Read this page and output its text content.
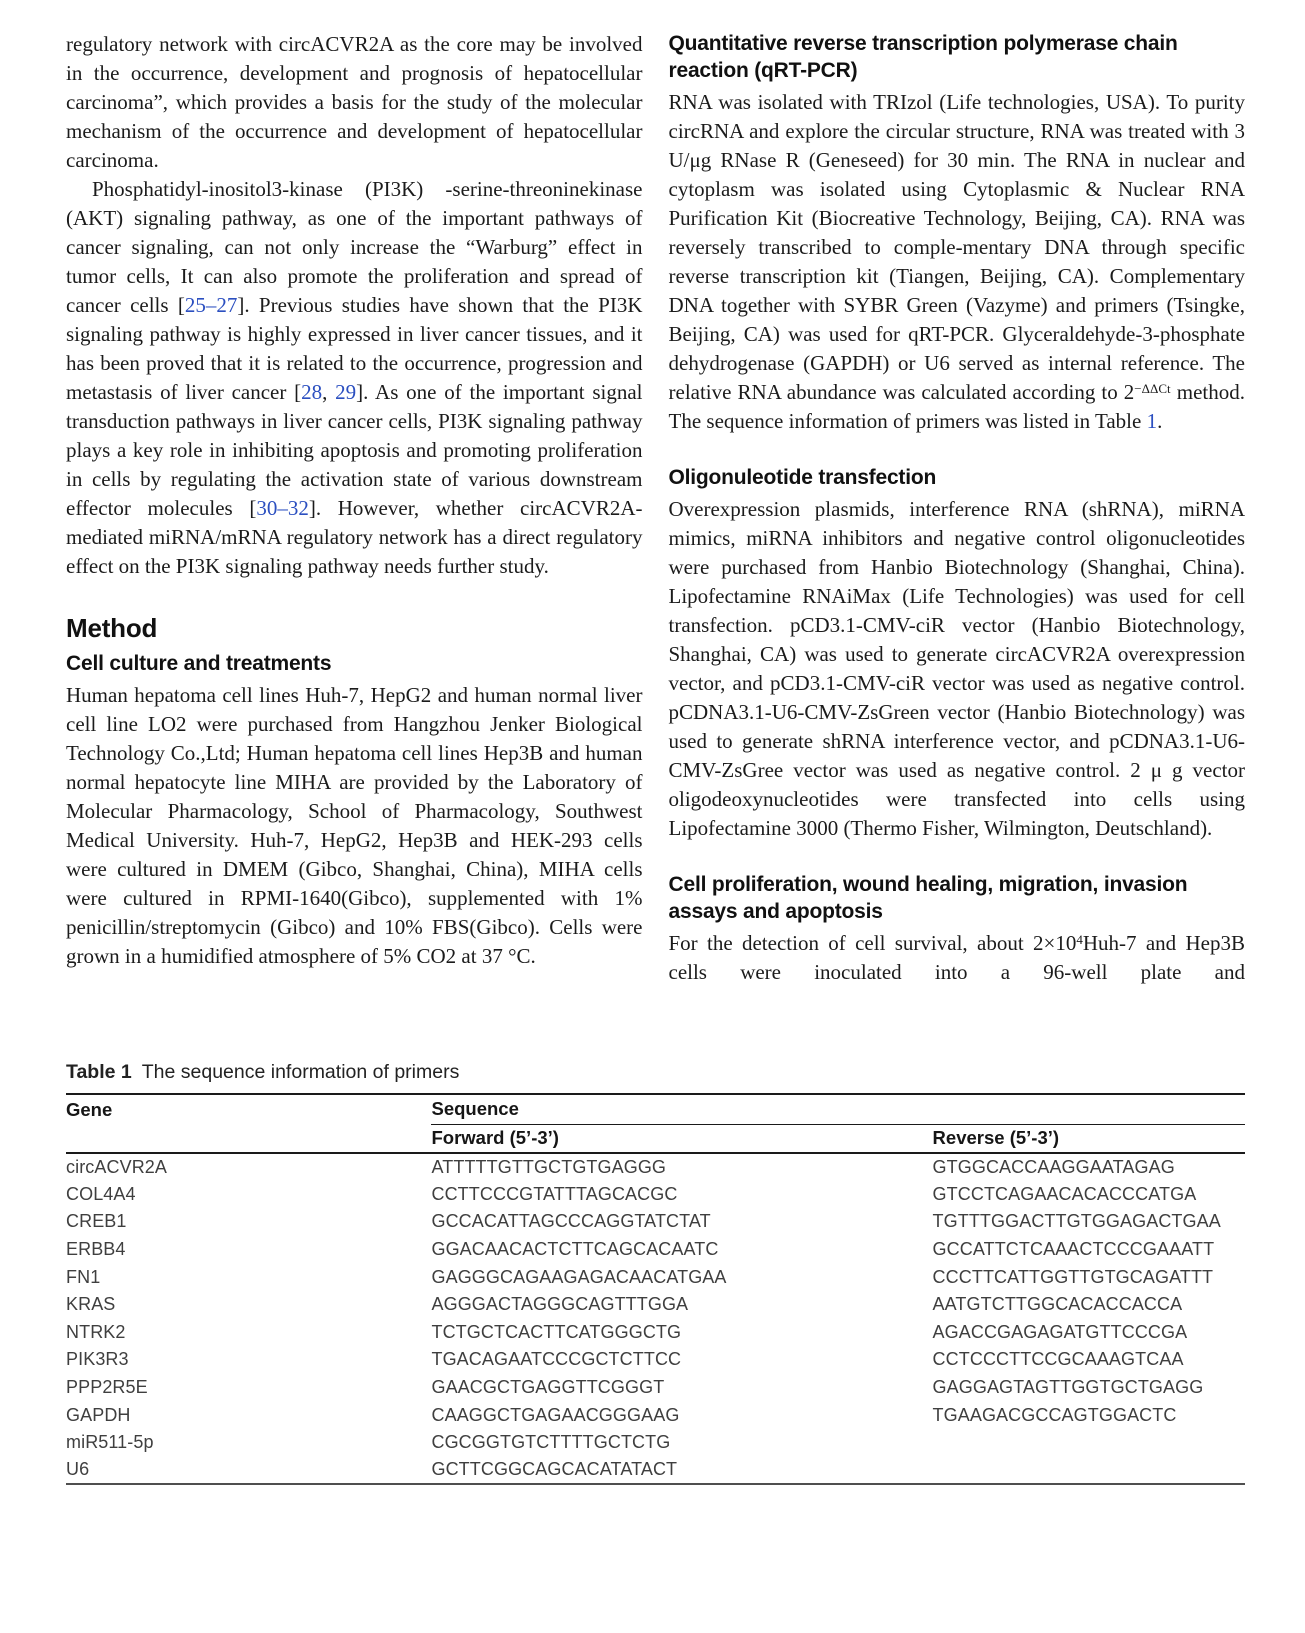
regulatory network with circACVR2A as the core may be involved in the occurrence, development and prognosis of hepatocellular carcinoma”, which provides a basis for the study of the molecular mechanism of the occurrence and development of hepatocellular carcinoma.

Phosphatidyl-inositol3-kinase (PI3K) -serine-threoninekinase (AKT) signaling pathway, as one of the important pathways of cancer signaling, can not only increase the “Warburg” effect in tumor cells, It can also promote the proliferation and spread of cancer cells [25–27]. Previous studies have shown that the PI3K signaling pathway is highly expressed in liver cancer tissues, and it has been proved that it is related to the occurrence, progression and metastasis of liver cancer [28, 29]. As one of the important signal transduction pathways in liver cancer cells, PI3K signaling pathway plays a key role in inhibiting apoptosis and promoting proliferation in cells by regulating the activation state of various downstream effector molecules [30–32]. However, whether circACVR2A-mediated miRNA/mRNA regulatory network has a direct regulatory effect on the PI3K signaling pathway needs further study.

Method
Cell culture and treatments

Human hepatoma cell lines Huh-7, HepG2 and human normal liver cell line LO2 were purchased from Hangzhou Jenker Biological Technology Co.,Ltd; Human hepatoma cell lines Hep3B and human normal hepatocyte line MIHA are provided by the Laboratory of Molecular Pharmacology, School of Pharmacology, Southwest Medical University. Huh-7, HepG2, Hep3B and HEK-293 cells were cultured in DMEM (Gibco, Shanghai, China), MIHA cells were cultured in RPMI-1640(Gibco), supplemented with 1% penicillin/streptomycin (Gibco) and 10% FBS(Gibco). Cells were grown in a humidified atmosphere of 5% CO2 at 37 °C.

Quantitative reverse transcription polymerase chain reaction (qRT-PCR)

RNA was isolated with TRIzol (Life technologies, USA). To purity circRNA and explore the circular structure, RNA was treated with 3 U/μg RNase R (Geneseed) for 30 min. The RNA in nuclear and cytoplasm was isolated using Cytoplasmic & Nuclear RNA Purification Kit (Biocreative Technology, Beijing, CA). RNA was reversely transcribed to comple-mentary DNA through specific reverse transcription kit (Tiangen, Beijing, CA). Complementary DNA together with SYBR Green (Vazyme) and primers (Tsingke, Beijing, CA) was used for qRT-PCR. Glyceraldehyde-3-phosphate dehydrogenase (GAPDH) or U6 served as internal reference. The relative RNA abundance was calculated according to $2^{-\Delta\Delta Ct}$ method. The sequence information of primers was listed in Table 1.

Oligonuleotide transfection

Overexpression plasmids, interference RNA (shRNA), miRNA mimics, miRNA inhibitors and negative control oligonucleotides were purchased from Hanbio Biotechnology (Shanghai, China). Lipofectamine RNAiMax (Life Technologies) was used for cell transfection. pCD3.1-CMV-ciR vector (Hanbio Biotechnology, Shanghai, CA) was used to generate circACVR2A overexpression vector, and pCD3.1-CMV-ciR vector was used as negative control. pCDNA3.1-U6-CMV-ZsGreen vector (Hanbio Biotechnology) was used to generate shRNA interference vector, and pCDNA3.1-U6-CMV-ZsGree vector was used as negative control. 2 μ g vector oligodeoxynucleotides were transfected into cells using Lipofectamine 3000 (Thermo Fisher, Wilmington, Deutschland).

Cell proliferation, wound healing, migration, invasion assays and apoptosis

For the detection of cell survival, about $2\times 10^4Huh-7$ and Hep3B cells were inoculated into a 96-well plate and

Table 1 The sequence information of primers
Gene	Sequence	
	Forward (5’-3’)	Reverse (5’-3’)
circACVR2A	ATTTTTGTTGCTGTGAGGG	GTGGCACCAAGGAATAGAG
COL4A4	CCTTCCCGTATTTAGCACGC	GTCCTCAGAACACACCCATGA
CREB1	GCCACATTAGCCCAGGTATCTAT	TGTTTGGACTTGTGGAGACTGAA
ERBB4	GGACAACACTCTTCAGCACAATC	GCCATTCTCAAACTCCCGAAATT
FN1	GAGGGCAGAAGAGACAACATGAA	CCCTTCATTGGTTGTGCAGATTT
KRAS	AGGGACTAGGGCAGTTTGGA	AATGTCTTGGCACACCACCA
NTRK2	TCTGCTCACTTCATGGGCTG	AGACCGAGAGATGTTCCCGA
PIK3R3	TGACAGAATCCCGCTCTTCC	CCTCCCTTCCGCAAAGTCAA
PPP2R5E	GAACGCTGAGGTTCGGGT	GAGGAGTAGTTGGTGCTGAGG
GAPDH	CAAGGCTGAGAACGGGAAG	TGAAGACGCCAGTGGACTC
miR511-5p	CGCGGTGTCTTTTGCTCTG	
U6	GCTTCGGCAGCACATATACT	
